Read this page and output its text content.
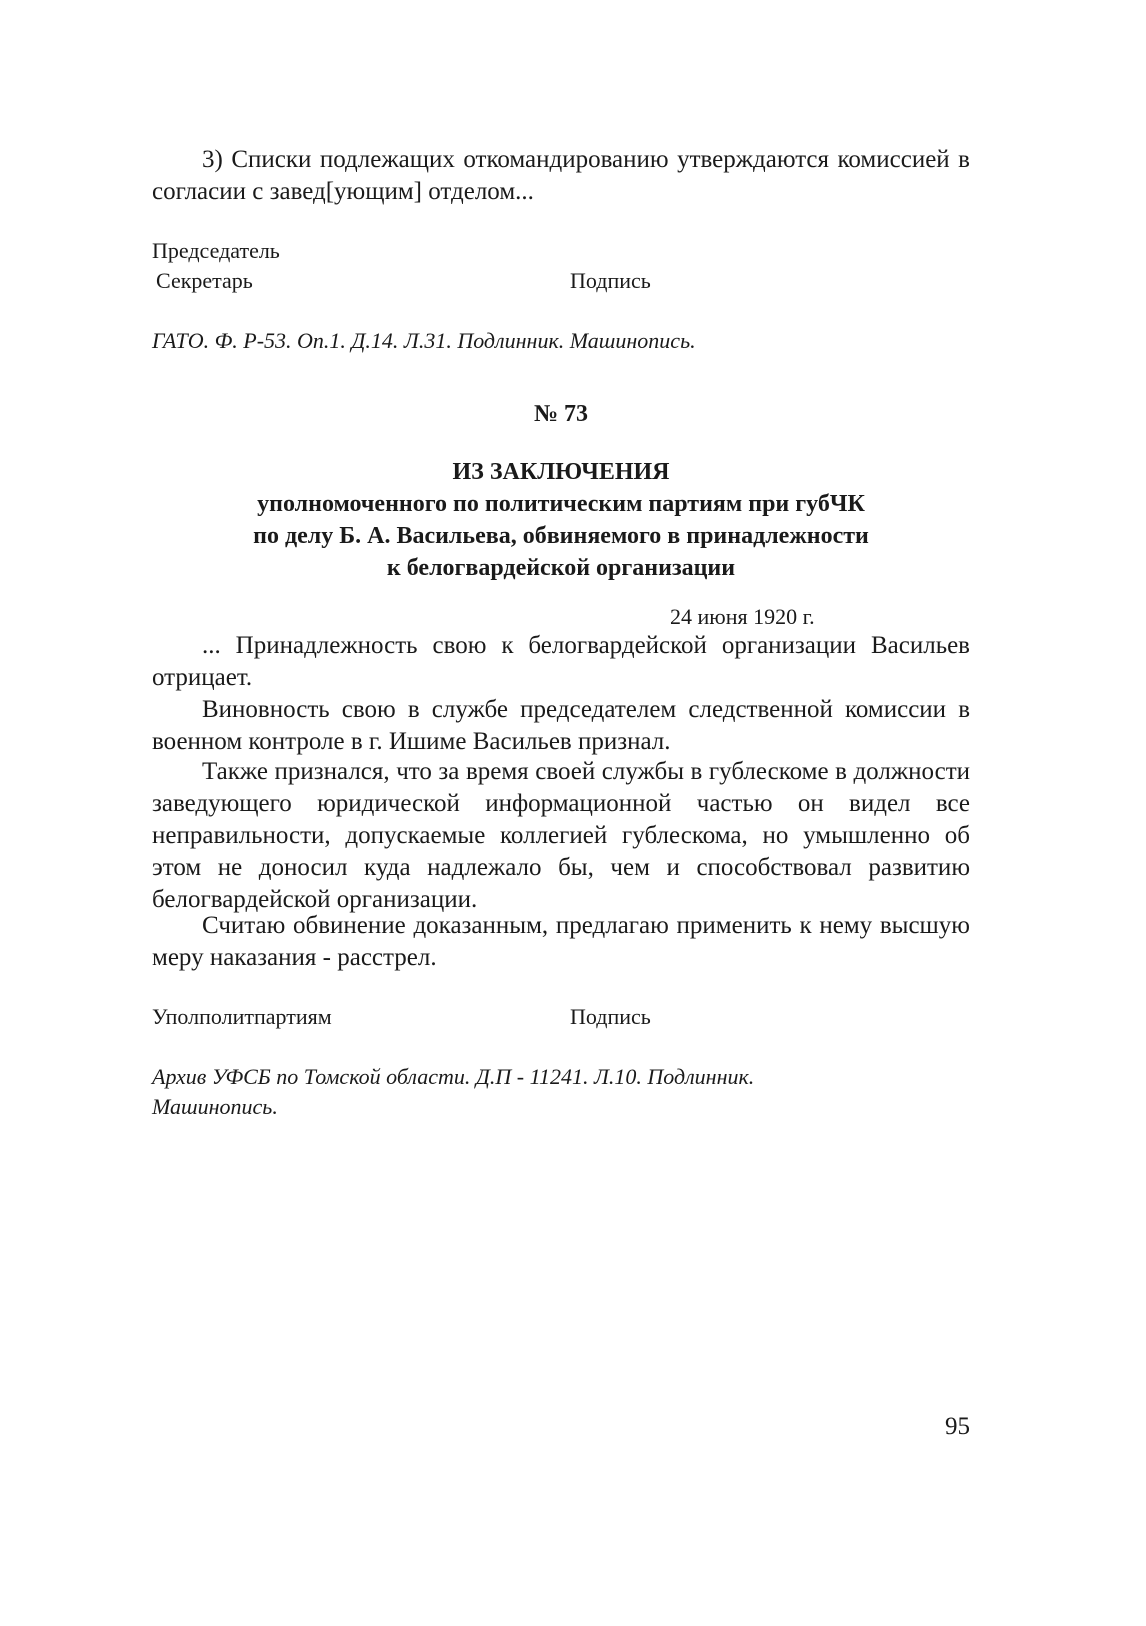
3) Списки подлежащих откомандированию утверждаются комиссией в согласии с завед[ующим] отделом...

Председатель
Секретарь	Подпись
ГАТО. Ф. Р-53. Оп.1. Д.14. Л.31. Подлинник. Машинопись.
№ 73
ИЗ ЗАКЛЮЧЕНИЯ
уполномоченного по политическим партиям при губЧК
по делу Б. А. Васильева, обвиняемого в принадлежности
к белогвардейской организации
24 июня 1920 г.

... Принадлежность свою к белогвардейской организации Васильев отрицает.

Виновность свою в службе председателем следственной комиссии в военном контроле в г. Ишиме Васильев признал.

Также признался, что за время своей службы в гублескоме в должности заведующего юридической информационной частью он видел все неправильности, допускаемые коллегией гублескома, но умышленно об этом не доносил куда надлежало бы, чем и способствовал развитию белогвардейской организации.

Считаю обвинение доказанным, предлагаю применить к нему высшую меру наказания - расстрел.

Уполполитпартиям	Подпись
Архив УФСБ по Томской области. Д.П - 11241. Л.10. Подлинник. Машинопись.
95
